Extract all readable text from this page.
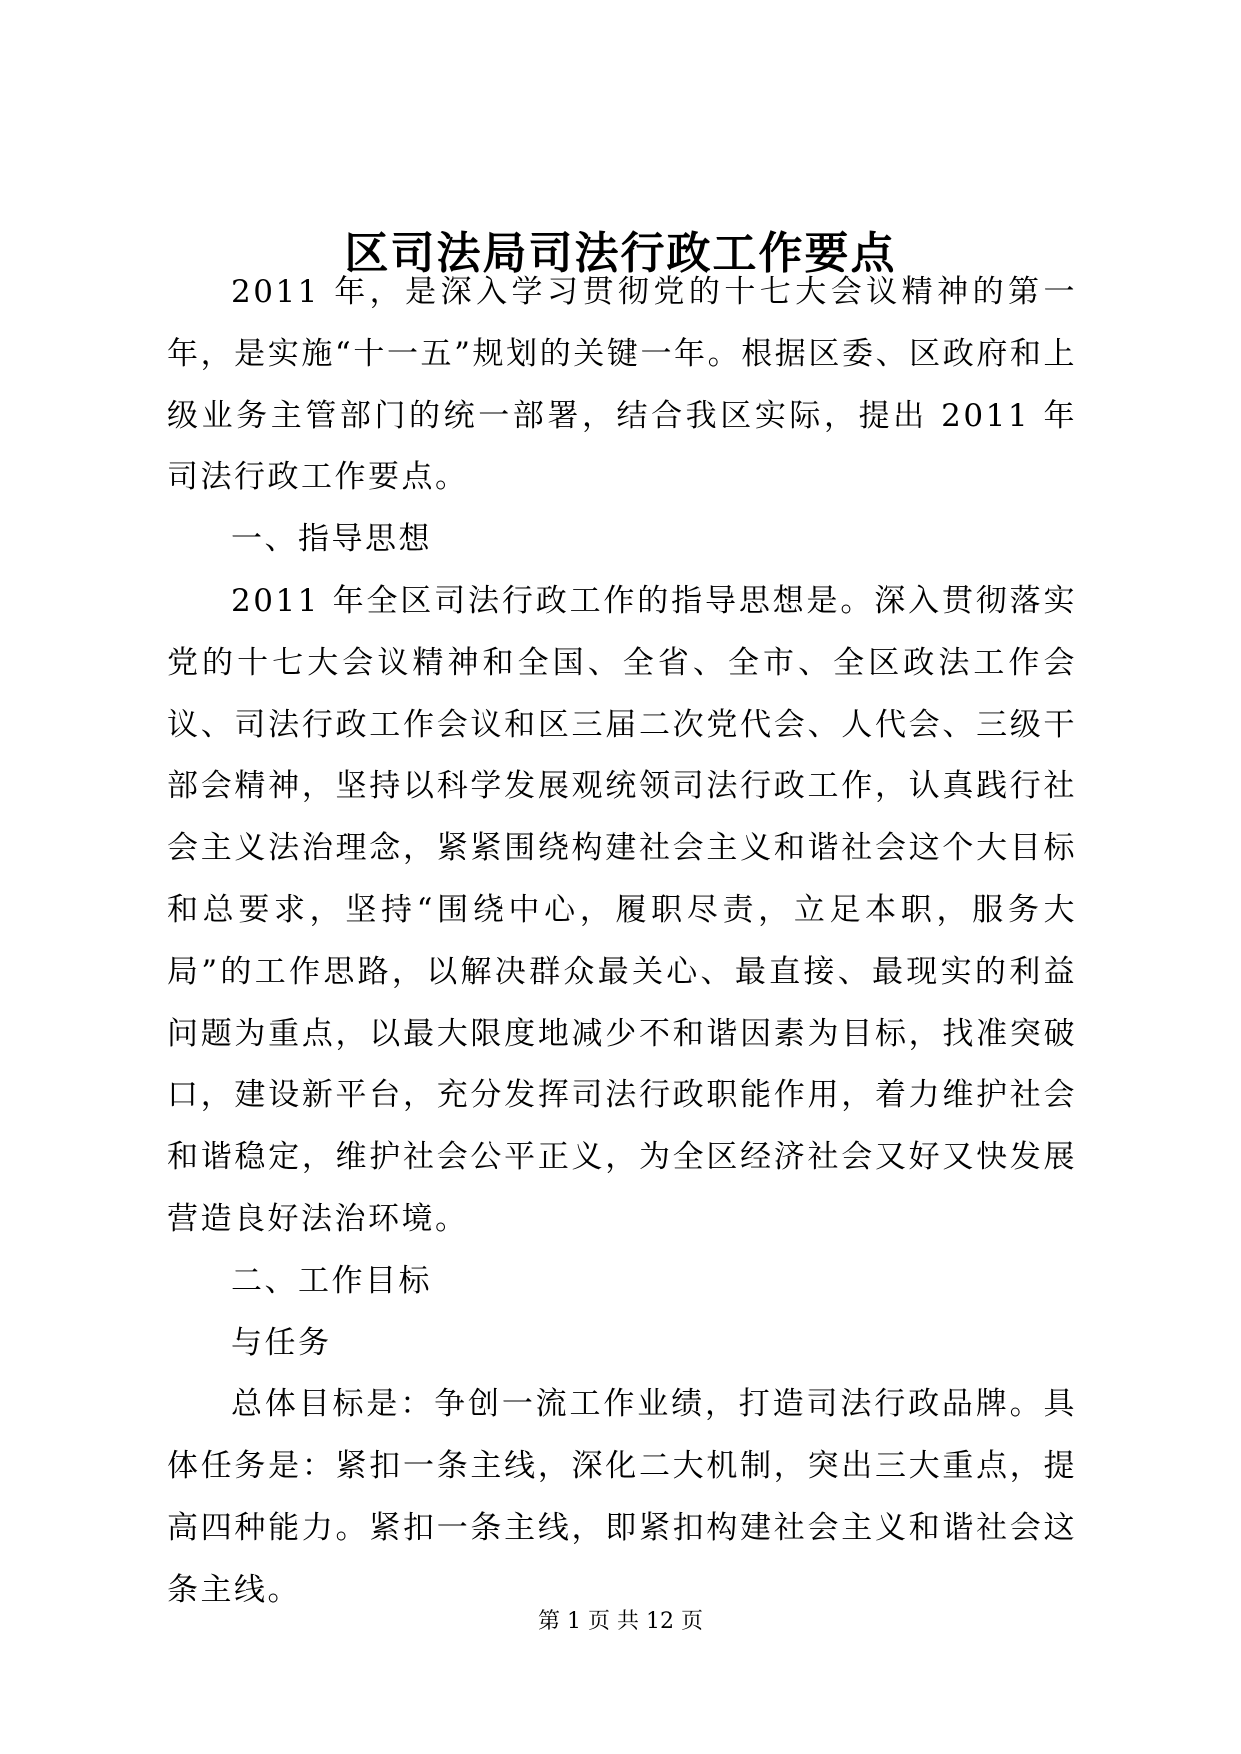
区司法局司法行政工作要点

2011 年，是深入学习贯彻党的十七大会议精神的第一年，是实施“十一五”规划的关键一年。根据区委、区政府和上级业务主管部门的统一部署，结合我区实际，提出 2011 年司法行政工作要点。

一、指导思想

2011 年全区司法行政工作的指导思想是。深入贯彻落实党的十七大会议精神和全国、全省、全市、全区政法工作会议、司法行政工作会议和区三届二次党代会、人代会、三级干部会精神，坚持以科学发展观统领司法行政工作，认真践行社会主义法治理念，紧紧围绕构建社会主义和谐社会这个大目标和总要求，坚持“围绕中心，履职尽责，立足本职，服务大局”的工作思路，以解决群众最关心、最直接、最现实的利益问题为重点，以最大限度地减少不和谐因素为目标，找准突破口，建设新平台，充分发挥司法行政职能作用，着力维护社会和谐稳定，维护社会公平正义，为全区经济社会又好又快发展营造良好法治环境。

二、工作目标

与任务

总体目标是：争创一流工作业绩，打造司法行政品牌。具体任务是：紧扣一条主线，深化二大机制，突出三大重点，提高四种能力。紧扣一条主线，即紧扣构建社会主义和谐社会这条主线。

第 1 页 共 12 页
